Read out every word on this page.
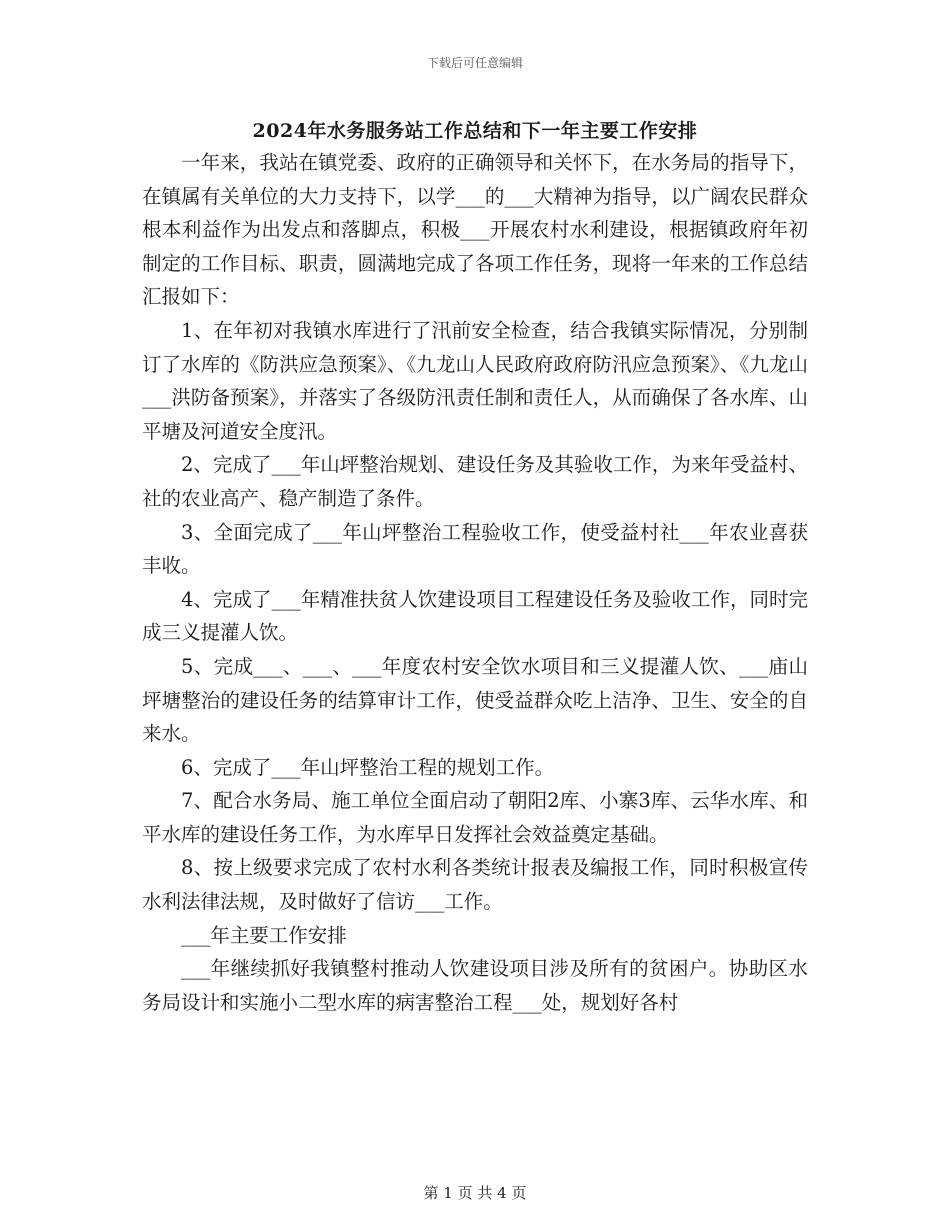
下载后可任意编辑
2024年水务服务站工作总结和下一年主要工作安排

一年来，我站在镇党委、政府的正确领导和关怀下，在水务局的指导下，在镇属有关单位的大力支持下，以学___的___大精神为指导，以广阔农民群众根本利益作为出发点和落脚点，积极___开展农村水利建设，根据镇政府年初制定的工作目标、职责，圆满地完成了各项工作任务，现将一年来的工作总结汇报如下：

1、在年初对我镇水库进行了汛前安全检查，结合我镇实际情况，分别制订了水库的《防洪应急预案》、《九龙山人民政府政府防汛应急预案》、《九龙山___洪防备预案》，并落实了各级防汛责任制和责任人，从而确保了各水库、山平塘及河道安全度汛。

2、完成了___年山坪整治规划、建设任务及其验收工作，为来年受益村、社的农业高产、稳产制造了条件。

3、全面完成了___年山坪整治工程验收工作，使受益村社___年农业喜获丰收。

4、完成了___年精准扶贫人饮建设项目工程建设任务及验收工作，同时完成三义提灌人饮。

5、完成___、___、___年度农村安全饮水项目和三义提灌人饮、___庙山坪塘整治的建设任务的结算审计工作，使受益群众吃上洁净、卫生、安全的自来水。

6、完成了___年山坪整治工程的规划工作。

7、配合水务局、施工单位全面启动了朝阳2库、小寨3库、云华水库、和平水库的建设任务工作，为水库早日发挥社会效益奠定基础。

8、按上级要求完成了农村水利各类统计报表及编报工作，同时积极宣传水利法律法规，及时做好了信访___工作。

___年主要工作安排

___年继续抓好我镇整村推动人饮建设项目涉及所有的贫困户。协助区水务局设计和实施小二型水库的病害整治工程___处，规划好各村

第 1 页 共 4 页
